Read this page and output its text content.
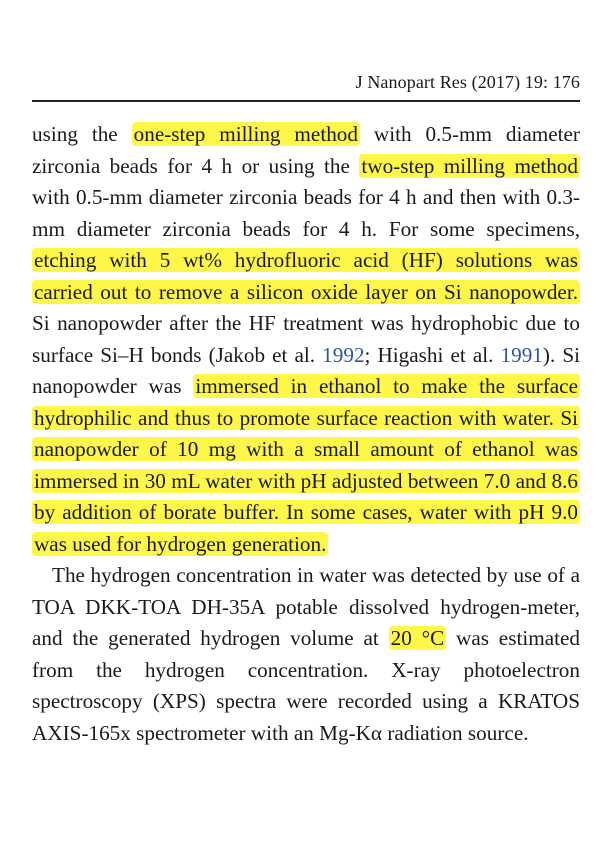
J Nanopart Res (2017) 19: 176

using the one-step milling method with 0.5-mm diameter zirconia beads for 4 h or using the two-step milling method with 0.5-mm diameter zirconia beads for 4 h and then with 0.3-mm diameter zirconia beads for 4 h. For some specimens, etching with 5 wt% hydrofluoric acid (HF) solutions was carried out to remove a silicon oxide layer on Si nanopowder. Si nanopowder after the HF treatment was hydrophobic due to surface Si–H bonds (Jakob et al. 1992; Higashi et al. 1991). Si nanopowder was immersed in ethanol to make the surface hydrophilic and thus to promote surface reaction with water. Si nanopowder of 10 mg with a small amount of ethanol was immersed in 30 mL water with pH adjusted between 7.0 and 8.6 by addition of borate buffer. In some cases, water with pH 9.0 was used for hydrogen generation.

The hydrogen concentration in water was detected by use of a TOA DKK-TOA DH-35A potable dissolved hydrogen-meter, and the generated hydrogen volume at 20 °C was estimated from the hydrogen concentration. X-ray photoelectron spectroscopy (XPS) spectra were recorded using a KRATOS AXIS-165x spectrometer with an Mg-Kα radiation source.
